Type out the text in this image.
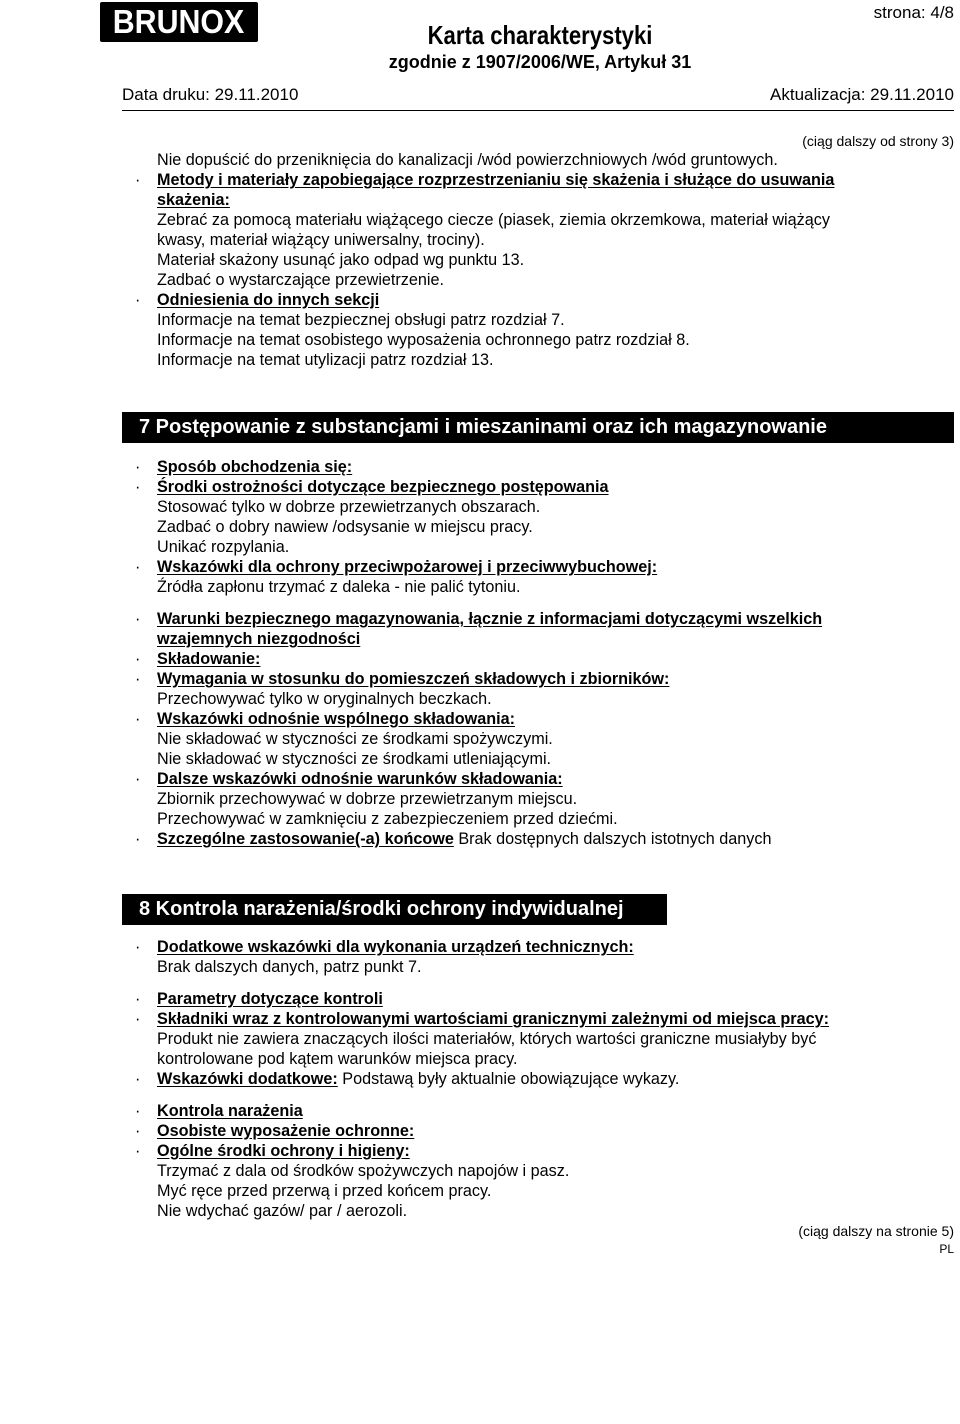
BRUNOX	strona: 4/8
Karta charakterystyki
zgodnie z 1907/2006/WE, Artykuł 31
Data druku: 29.11.2010	Aktualizacja: 29.11.2010
(ciąg dalszy od strony 3)
Nie dopuścić do przeniknięcia do kanalizacji /wód powierzchniowych /wód gruntowych.
·	Metody i materiały zapobiegające rozprzestrzenianiu się skażenia i służące do usuwania
skażenia:
Zebrać za pomocą materiału wiążącego ciecze (piasek, ziemia okrzemkowa, materiał wiążący
kwasy, materiał wiążący uniwersalny, trociny).
Materiał skażony usunąć jako odpad wg punktu 13.
Zadbać o wystarczające przewietrzenie.
·	Odniesienia do innych sekcji
Informacje na temat bezpiecznej obsługi patrz rozdział 7.
Informacje na temat osobistego wyposażenia ochronnego patrz rozdział 8.
Informacje na temat utylizacji patrz rozdział 13.
7 Postępowanie z substancjami i mieszaninami oraz ich magazynowanie
·	Sposób obchodzenia się:
·	Środki ostrożności dotyczące bezpiecznego postępowania
Stosować tylko w dobrze przewietrzanych obszarach.
Zadbać o dobry nawiew /odsysanie w miejscu pracy.
Unikać rozpylania.
·	Wskazówki dla ochrony przeciwpożarowej i przeciwwybuchowej:
Źródła zapłonu trzymać z daleka - nie palić tytoniu.
·	Warunki bezpiecznego magazynowania, łącznie z informacjami dotyczącymi wszelkich
wzajemnych niezgodności
·	Składowanie:
·	Wymagania w stosunku do pomieszczeń składowych i zbiorników:
Przechowywać tylko w oryginalnych beczkach.
·	Wskazówki odnośnie wspólnego składowania:
Nie składować w styczności ze środkami spożywczymi.
Nie składować w styczności ze środkami utleniającymi.
·	Dalsze wskazówki odnośnie warunków składowania:
Zbiornik przechowywać w dobrze przewietrzanym miejscu.
Przechowywać w zamknięciu z zabezpieczeniem przed dziećmi.
·	Szczególne zastosowanie(-a) końcowe Brak dostępnych dalszych istotnych danych
8 Kontrola narażenia/środki ochrony indywidualnej
·	Dodatkowe wskazówki dla wykonania urządzeń technicznych:
Brak dalszych danych, patrz punkt 7.
·	Parametry dotyczące kontroli
·	Składniki wraz z kontrolowanymi wartościami granicznymi zależnymi od miejsca pracy:
Produkt nie zawiera znaczących ilości materiałów, których wartości graniczne musiałyby być
kontrolowane pod kątem warunków miejsca pracy.
·	Wskazówki dodatkowe: Podstawą były aktualnie obowiązujące wykazy.
·	Kontrola narażenia
·	Osobiste wyposażenie ochronne:
·	Ogólne środki ochrony i higieny:
Trzymać z dala od środków spożywczych napojów i pasz.
Myć ręce przed przerwą i przed końcem pracy.
Nie wdychać gazów/ par / aerozoli.
(ciąg dalszy na stronie 5)
PL
